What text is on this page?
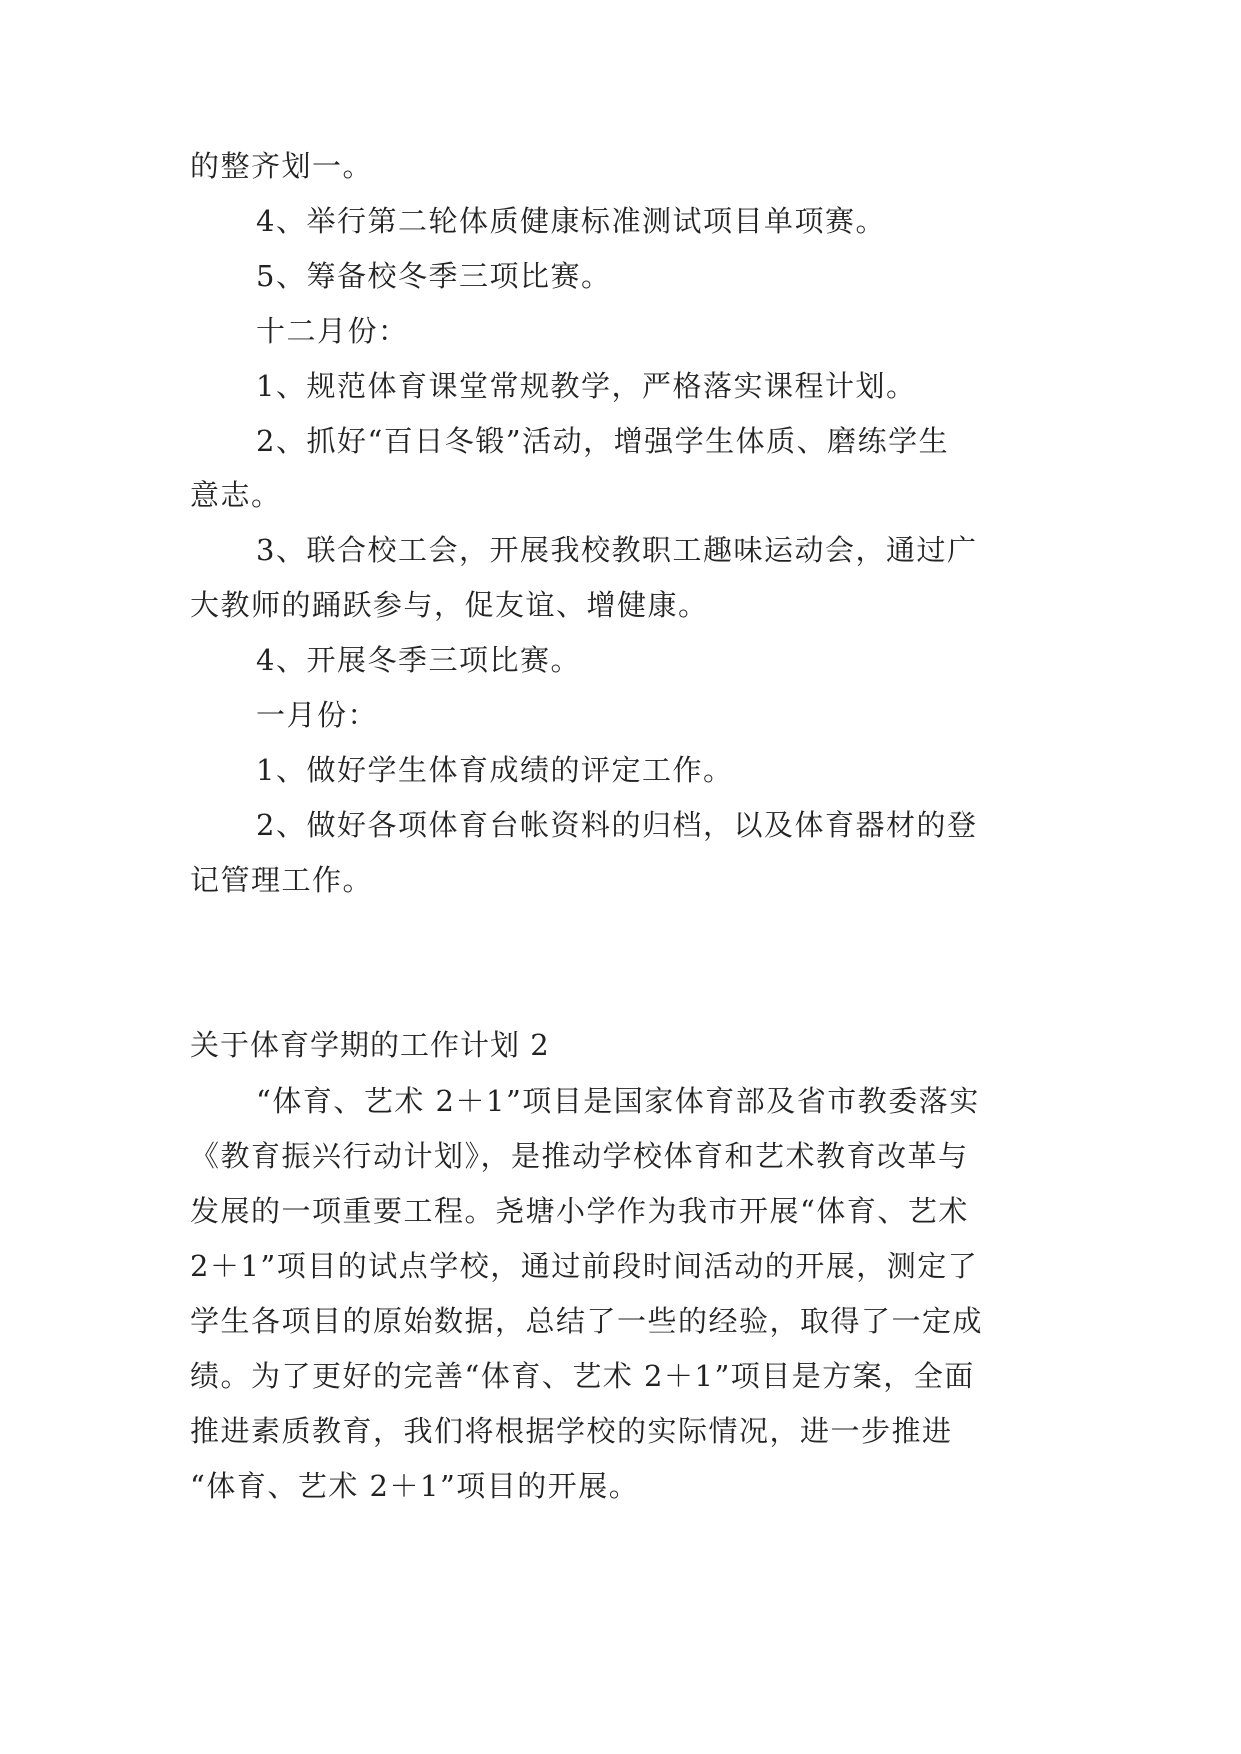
的整齐划一。
4、举行第二轮体质健康标准测试项目单项赛。
5、筹备校冬季三项比赛。
十二月份：
1、规范体育课堂常规教学，严格落实课程计划。
2、抓好“百日冬锻”活动，增强学生体质、磨练学生
意志。
3、联合校工会，开展我校教职工趣味运动会，通过广
大教师的踊跃参与，促友谊、增健康。
4、开展冬季三项比赛。
一月份：
1、做好学生体育成绩的评定工作。
2、做好各项体育台帐资料的归档，以及体育器材的登
记管理工作。
关于体育学期的工作计划 2
“体育、艺术 2＋1”项目是国家体育部及省市教委落实
《教育振兴行动计划》，是推动学校体育和艺术教育改革与
发展的一项重要工程。尧塘小学作为我市开展“体育、艺术
2＋1”项目的试点学校，通过前段时间活动的开展，测定了
学生各项目的原始数据，总结了一些的经验，取得了一定成
绩。为了更好的完善“体育、艺术 2＋1”项目是方案，全面
推进素质教育，我们将根据学校的实际情况，进一步推进
“体育、艺术 2＋1”项目的开展。
